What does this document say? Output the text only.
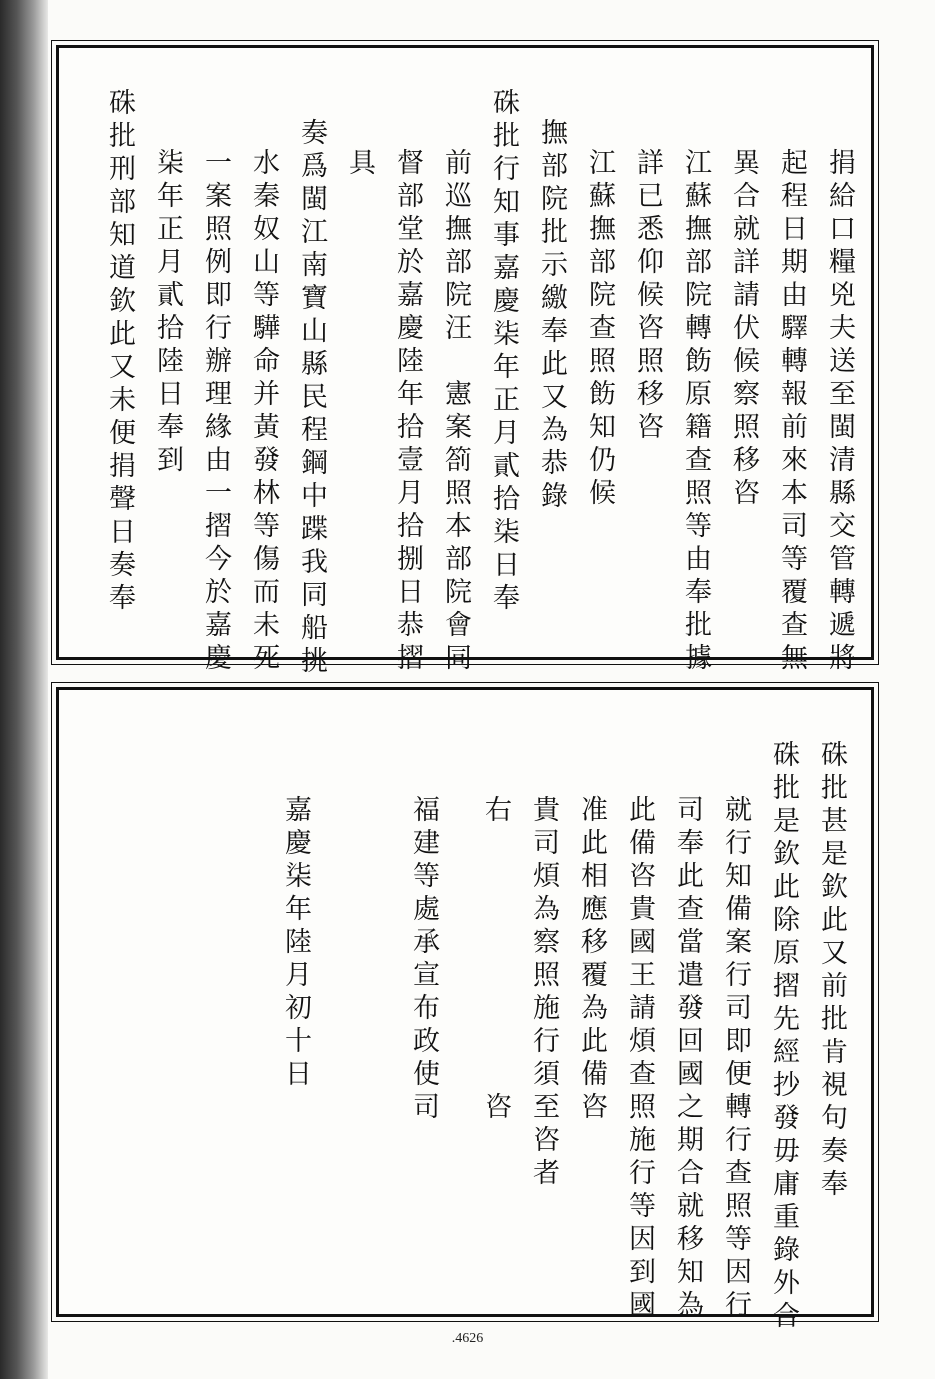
捐給口糧兇夫送至閩清縣交管轉遞將
起程日期由驛轉報前來本司等覆查無
異合就詳請伏候察照移咨
江蘇撫部院轉飭原籍查照等由奉批據
詳已悉仰候咨照移咨
江蘇撫部院查照飭知仍候
撫部院批示繳奉此又為恭錄
硃批行知事嘉慶柒年正月貳拾柒日奉
前巡撫部院汪　憲案箚照本部院會同
督部堂於嘉慶陸年拾壹月拾捌日恭摺
具
奏爲閩江南寶山縣民程鋼中蹀我同船挑
水秦奴山等驊命并黃發林等傷而未死
一案照例即行辦理緣由一摺今於嘉慶
柒年正月貳拾陸日奉到
硃批刑部知道欽此又未便捐聲日奏奉
硃批甚是欽此又前批肯視句奏奉
硃批是欽此除原摺先經抄發毋庸重錄外合
就行知備案行司即便轉行查照等因行
司奉此查當遣發回國之期合就移知為
此備咨貴國王請煩查照施行等因到國
准此相應移覆為此備咨
貴司煩為察照施行須至咨者
右　　　　　　　　咨
福建等處承宣布政使司
嘉慶柒年陸月初十日
.4626
